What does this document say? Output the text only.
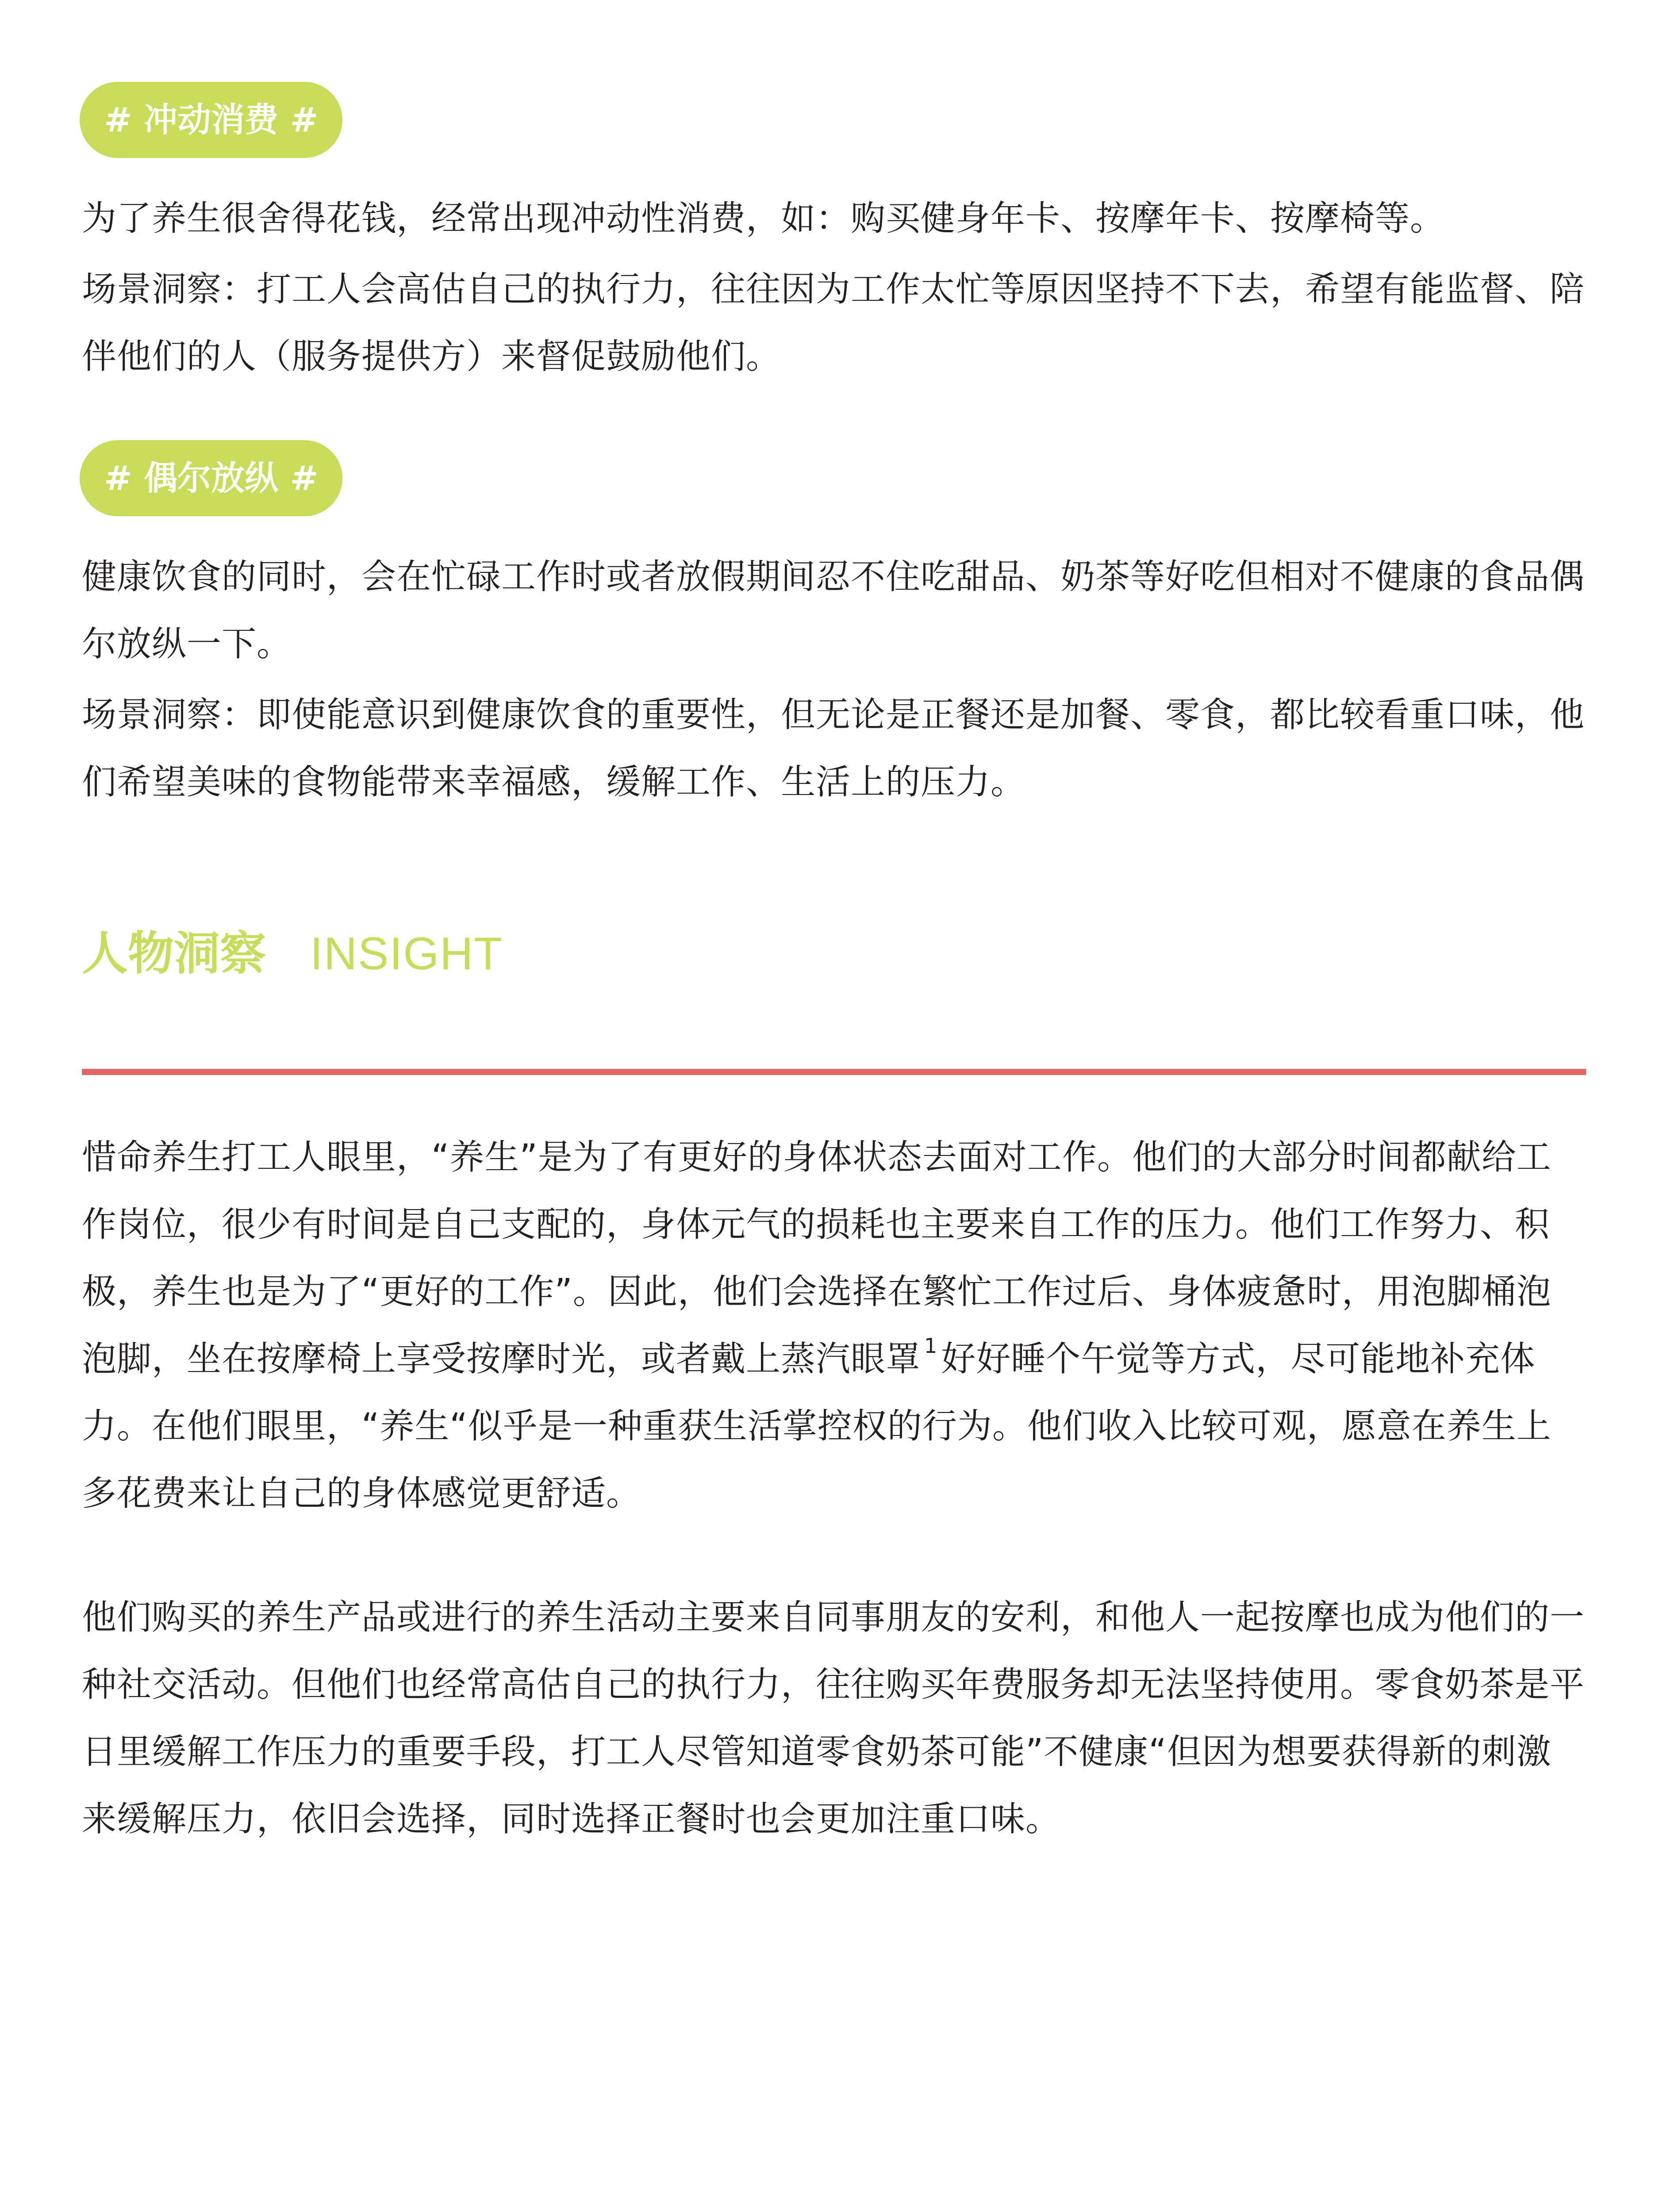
# 冲动消费 #

为了养生很舍得花钱，经常出现冲动性消费，如：购买健身年卡、按摩年卡、按摩椅等。

场景洞察：打工人会高估自己的执行力，往往因为工作太忙等原因坚持不下去，希望有能监督、陪伴他们的人（服务提供方）来督促鼓励他们。

# 偶尔放纵 #

健康饮食的同时，会在忙碌工作时或者放假期间忍不住吃甜品、奶茶等好吃但相对不健康的食品偶尔放纵一下。

场景洞察：即使能意识到健康饮食的重要性，但无论是正餐还是加餐、零食，都比较看重口味，他们希望美味的食物能带来幸福感，缓解工作、生活上的压力。

人物洞察 INSIGHT

惜命养生打工人眼里，“养生”是为了有更好的身体状态去面对工作。他们的大部分时间都献给工作岗位，很少有时间是自己支配的，身体元气的损耗也主要来自工作的压力。他们工作努力、积极，养生也是为了“更好的工作”。因此，他们会选择在繁忙工作过后、身体疲惫时，用泡脚桶泡泡脚，坐在按摩椅上享受按摩时光，或者戴上蒸汽眼罩 $^1$ 好好睡个午觉等方式，尽可能地补充体力。在他们眼里，“养生“似乎是一种重获生活掌控权的行为。他们收入比较可观，愿意在养生上多花费来让自己的身体感觉更舒适。

他们购买的养生产品或进行的养生活动主要来自同事朋友的安利，和他人一起按摩也成为他们的一种社交活动。但他们也经常高估自己的执行力，往往购买年费服务却无法坚持使用。零食奶茶是平日里缓解工作压力的重要手段，打工人尽管知道零食奶茶可能”不健康“但因为想要获得新的刺激来缓解压力，依旧会选择，同时选择正餐时也会更加注重口味。
